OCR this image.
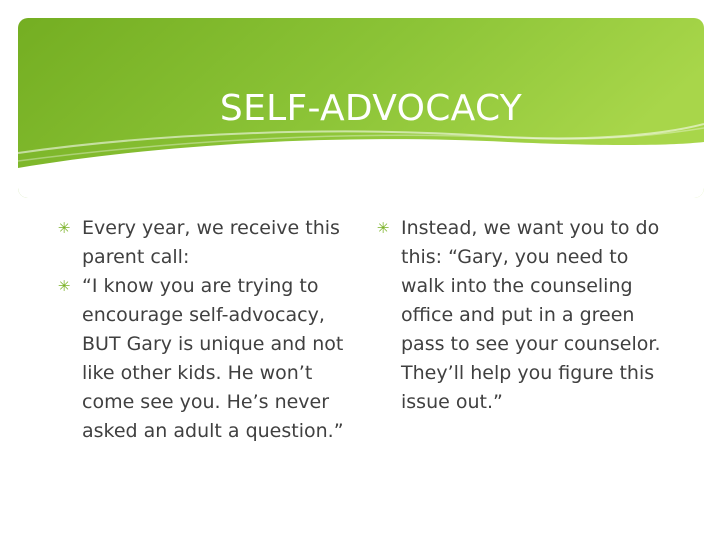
SELF-ADVOCACY
✳ Every year, we receive this parent call:
✳ “I know you are trying to encourage self-advocacy, BUT Gary is unique and not like other kids. He won’t come see you. He’s never asked an adult a question.”
✳ Instead, we want you to do this: “Gary, you need to walk into the counseling office and put in a green pass to see your counselor. They’ll help you figure this issue out.”
